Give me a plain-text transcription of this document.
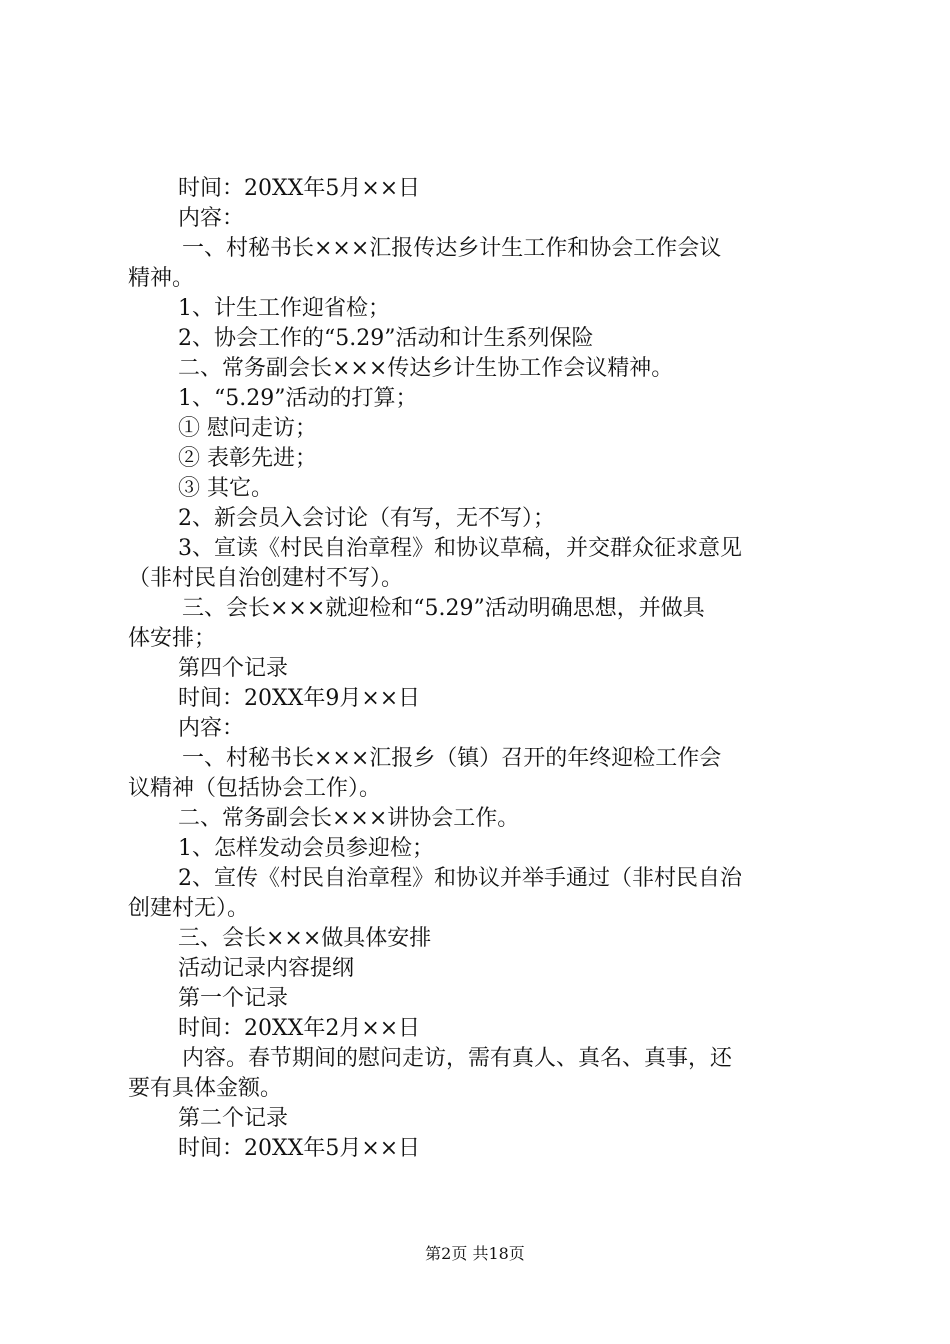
时间：20XX年5月××日
内容：
一、村秘书长×××汇报传达乡计生工作和协会工作会议
精神。
1、计生工作迎省检；
2、协会工作的“5.29”活动和计生系列保险
二、常务副会长×××传达乡计生协工作会议精神。
1、“5.29”活动的打算；
① 慰问走访；
② 表彰先进；
③ 其它。
2、新会员入会讨论（有写，无不写）；
3、宣读《村民自治章程》和协议草稿，并交群众征求意见
（非村民自治创建村不写）。
三、会长×××就迎检和“5.29”活动明确思想，并做具
体安排；
第四个记录
时间：20XX年9月××日
内容：
一、村秘书长×××汇报乡（镇）召开的年终迎检工作会
议精神（包括协会工作）。
二、常务副会长×××讲协会工作。
1、怎样发动会员参迎检；
2、宣传《村民自治章程》和协议并举手通过（非村民自治
创建村无）。
三、会长×××做具体安排
活动记录内容提纲
第一个记录
时间：20XX年2月××日
内容。春节期间的慰问走访，需有真人、真名、真事，还
要有具体金额。
第二个记录
时间：20XX年5月××日
第2页 共18页
